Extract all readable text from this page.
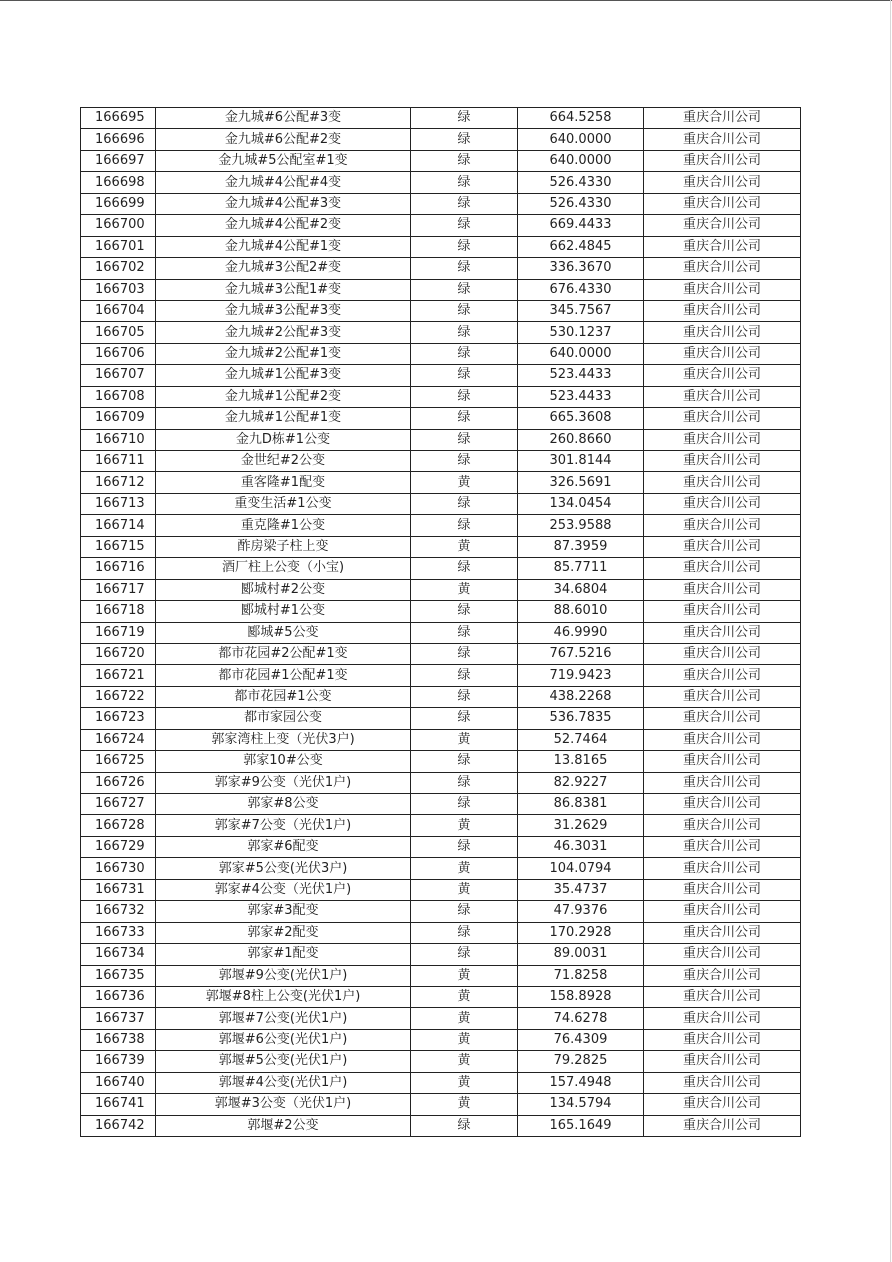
166695	金九城#6公配#3变	绿	664.5258	重庆合川公司
166696	金九城#6公配#2变	绿	640.0000	重庆合川公司
166697	金九城#5公配室#1变	绿	640.0000	重庆合川公司
166698	金九城#4公配#4变	绿	526.4330	重庆合川公司
166699	金九城#4公配#3变	绿	526.4330	重庆合川公司
166700	金九城#4公配#2变	绿	669.4433	重庆合川公司
166701	金九城#4公配#1变	绿	662.4845	重庆合川公司
166702	金九城#3公配2#变	绿	336.3670	重庆合川公司
166703	金九城#3公配1#变	绿	676.4330	重庆合川公司
166704	金九城#3公配#3变	绿	345.7567	重庆合川公司
166705	金九城#2公配#3变	绿	530.1237	重庆合川公司
166706	金九城#2公配#1变	绿	640.0000	重庆合川公司
166707	金九城#1公配#3变	绿	523.4433	重庆合川公司
166708	金九城#1公配#2变	绿	523.4433	重庆合川公司
166709	金九城#1公配#1变	绿	665.3608	重庆合川公司
166710	金九D栋#1公变	绿	260.8660	重庆合川公司
166711	金世纪#2公变	绿	301.8144	重庆合川公司
166712	重客隆#1配变	黄	326.5691	重庆合川公司
166713	重变生活#1公变	绿	134.0454	重庆合川公司
166714	重克隆#1公变	绿	253.9588	重庆合川公司
166715	酢房梁子柱上变	黄	87.3959	重庆合川公司
166716	酒厂柱上公变（小宝)	绿	85.7711	重庆合川公司
166717	郾城村#2公变	黄	34.6804	重庆合川公司
166718	郾城村#1公变	绿	88.6010	重庆合川公司
166719	郾城#5公变	绿	46.9990	重庆合川公司
166720	都市花园#2公配#1变	绿	767.5216	重庆合川公司
166721	都市花园#1公配#1变	绿	719.9423	重庆合川公司
166722	都市花园#1公变	绿	438.2268	重庆合川公司
166723	都市家园公变	绿	536.7835	重庆合川公司
166724	郭家湾柱上变（光伏3户)	黄	52.7464	重庆合川公司
166725	郭家10#公变	绿	13.8165	重庆合川公司
166726	郭家#9公变（光伏1户)	绿	82.9227	重庆合川公司
166727	郭家#8公变	绿	86.8381	重庆合川公司
166728	郭家#7公变（光伏1户)	黄	31.2629	重庆合川公司
166729	郭家#6配变	绿	46.3031	重庆合川公司
166730	郭家#5公变(光伏3户)	黄	104.0794	重庆合川公司
166731	郭家#4公变（光伏1户)	黄	35.4737	重庆合川公司
166732	郭家#3配变	绿	47.9376	重庆合川公司
166733	郭家#2配变	绿	170.2928	重庆合川公司
166734	郭家#1配变	绿	89.0031	重庆合川公司
166735	郭堰#9公变(光伏1户)	黄	71.8258	重庆合川公司
166736	郭堰#8柱上公变(光伏1户)	黄	158.8928	重庆合川公司
166737	郭堰#7公变(光伏1户)	黄	74.6278	重庆合川公司
166738	郭堰#6公变(光伏1户)	黄	76.4309	重庆合川公司
166739	郭堰#5公变(光伏1户)	黄	79.2825	重庆合川公司
166740	郭堰#4公变(光伏1户)	黄	157.4948	重庆合川公司
166741	郭堰#3公变（光伏1户)	黄	134.5794	重庆合川公司
166742	郭堰#2公变	绿	165.1649	重庆合川公司
